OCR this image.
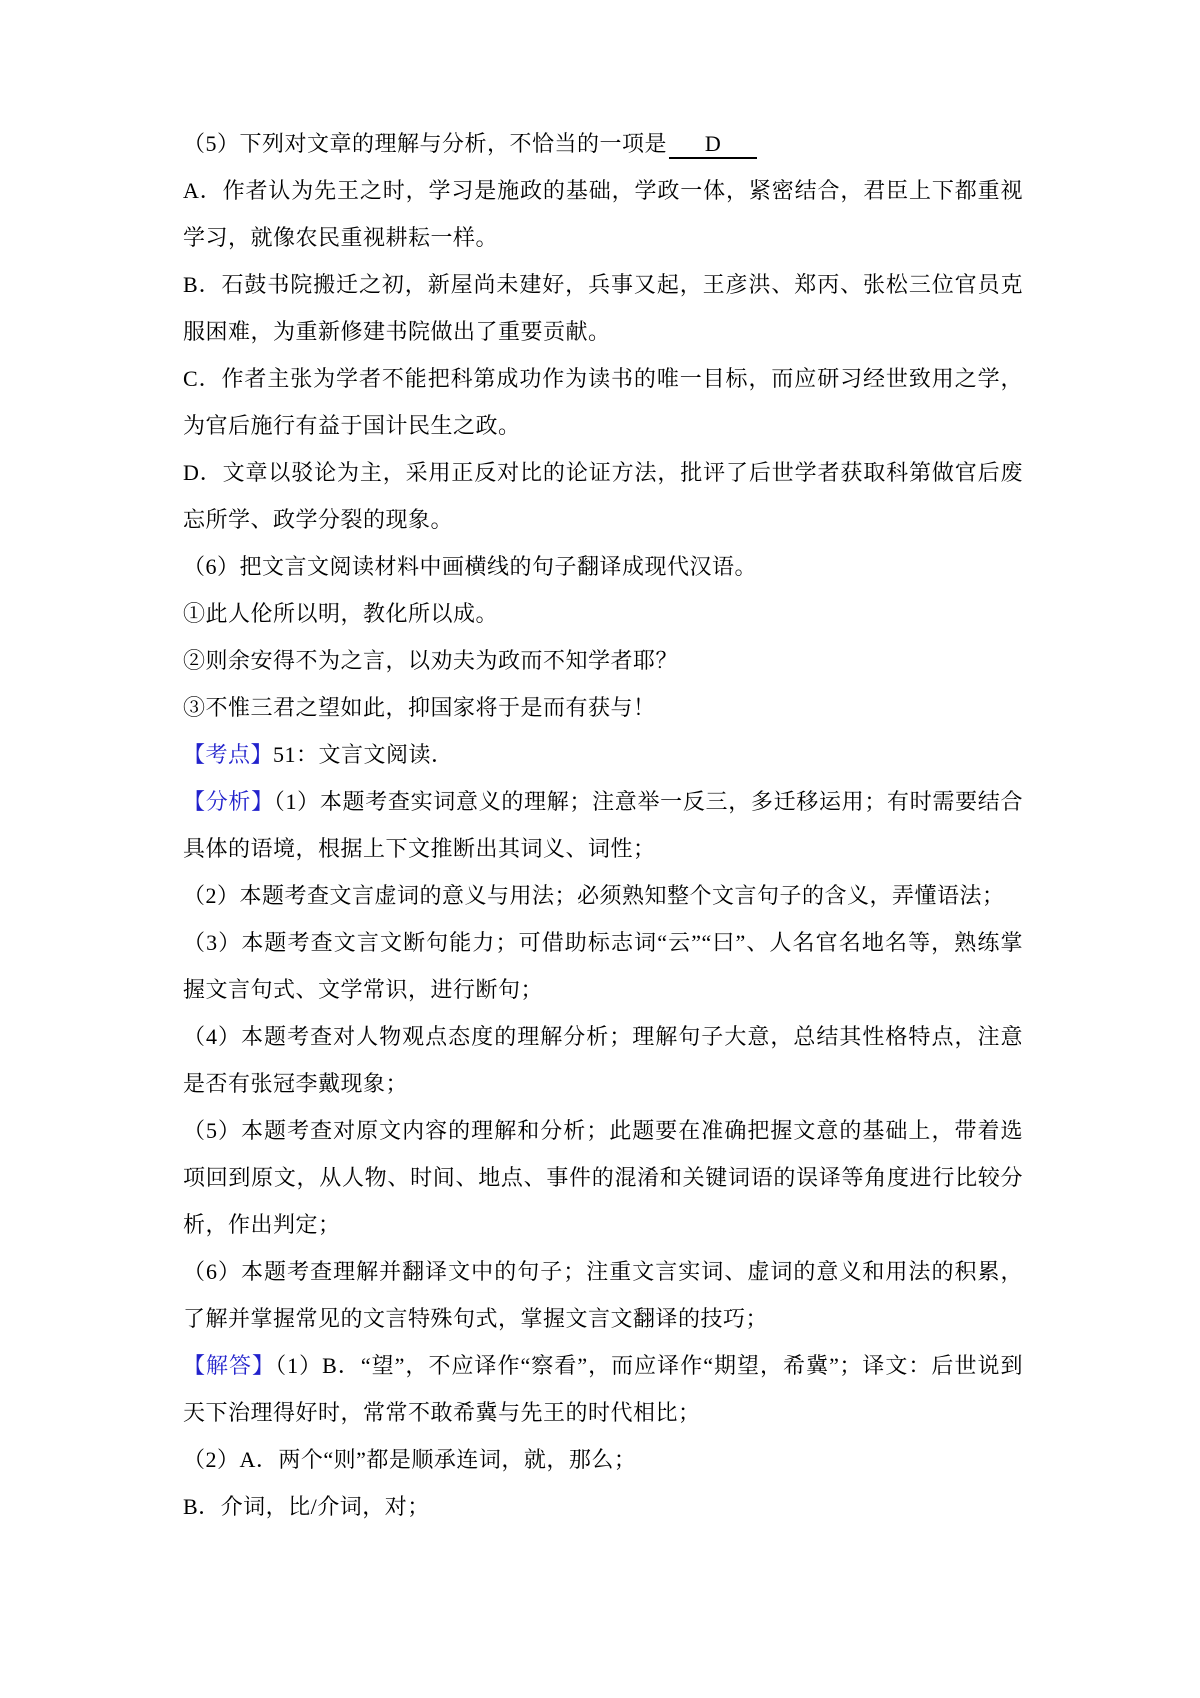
（5）下列对文章的理解与分析，不恰当的一项是 D

A．作者认为先王之时，学习是施政的基础，学政一体，紧密结合，君臣上下都重视学习，就像农民重视耕耘一样。

B．石鼓书院搬迁之初，新屋尚未建好，兵事又起，王彦洪、郑丙、张松三位官员克服困难，为重新修建书院做出了重要贡献。

C．作者主张为学者不能把科第成功作为读书的唯一目标，而应研习经世致用之学，为官后施行有益于国计民生之政。

D．文章以驳论为主，采用正反对比的论证方法，批评了后世学者获取科第做官后废忘所学、政学分裂的现象。

（6）把文言文阅读材料中画横线的句子翻译成现代汉语。

①此人伦所以明，教化所以成。

②则余安得不为之言，以劝夫为政而不知学者耶？

③不惟三君之望如此，抑国家将于是而有获与！

【考点】51：文言文阅读．

【分析】（1）本题考查实词意义的理解；注意举一反三，多迁移运用；有时需要结合具体的语境，根据上下文推断出其词义、词性；

（2）本题考查文言虚词的意义与用法；必须熟知整个文言句子的含义，弄懂语法；

（3）本题考查文言文断句能力；可借助标志词“云”“曰”、人名官名地名等，熟练掌握文言句式、文学常识，进行断句；

（4）本题考查对人物观点态度的理解分析；理解句子大意，总结其性格特点，注意是否有张冠李戴现象；

（5）本题考查对原文内容的理解和分析；此题要在准确把握文意的基础上，带着选项回到原文，从人物、时间、地点、事件的混淆和关键词语的误译等角度进行比较分析，作出判定；

（6）本题考查理解并翻译文中的句子；注重文言实词、虚词的意义和用法的积累，了解并掌握常见的文言特殊句式，掌握文言文翻译的技巧；

【解答】（1）B．“望”，不应译作“察看”，而应译作“期望，希冀”；译文：后世说到天下治理得好时，常常不敢希冀与先王的时代相比；

（2）A．两个“则”都是顺承连词，就，那么；

B．介词，比/介词，对；
